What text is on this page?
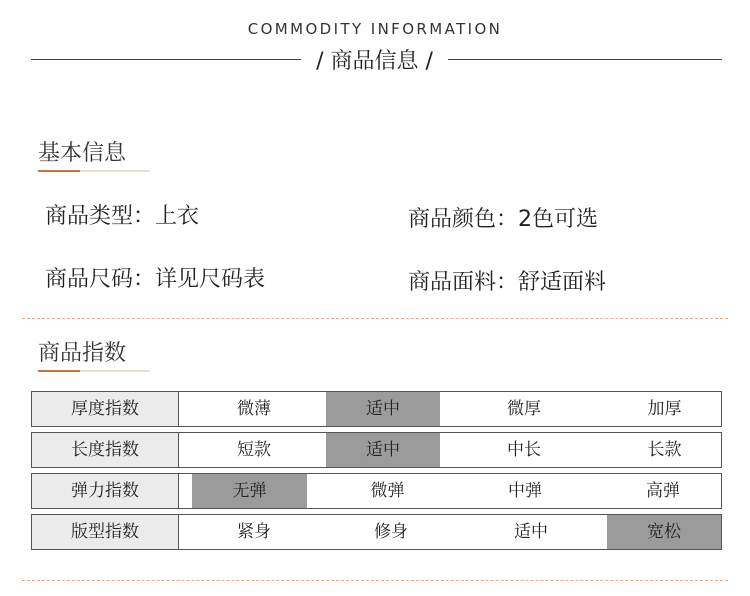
COMMODITY INFORMATION
/ 商品信息 /
基本信息
商品类型：上衣	商品颜色：2色可选
商品尺码：详见尺码表	商品面料：舒适面料
商品指数
厚度指数	微薄	适中	微厚	加厚
长度指数	短款	适中	中长	长款
弹力指数	无弹	微弹	中弹	高弹
版型指数	紧身	修身	适中	宽松
